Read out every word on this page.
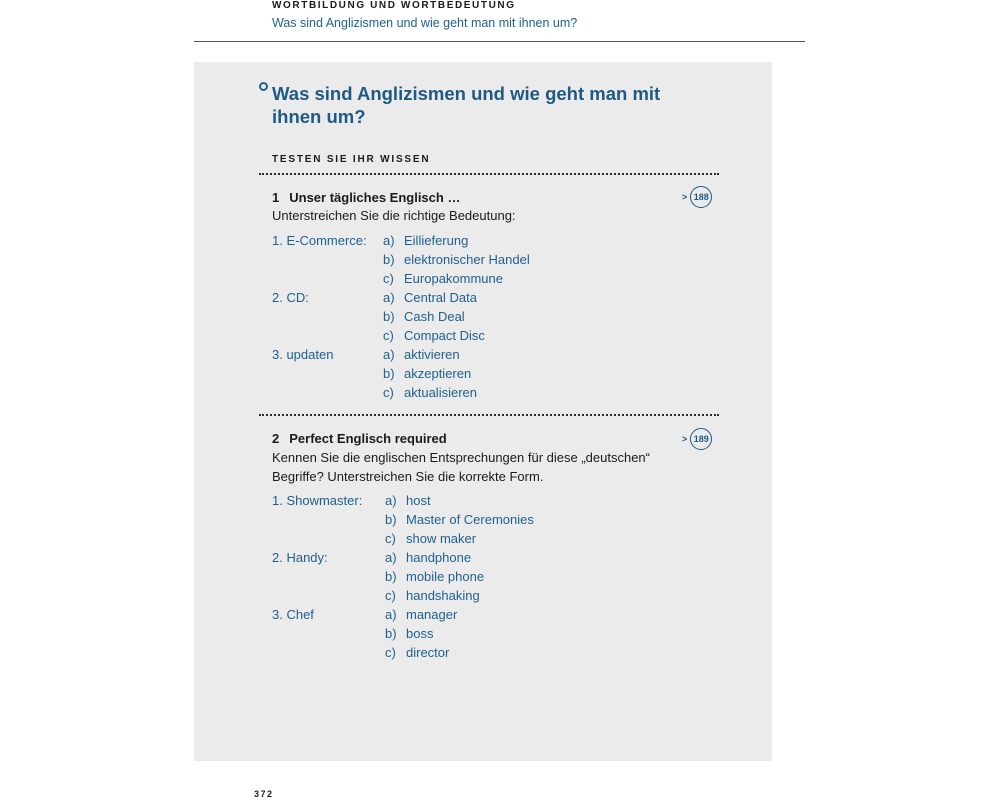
WORTBILDUNG UND WORTBEDEUTUNG
Was sind Anglizismen und wie geht man mit ihnen um?
Was sind Anglizismen und wie geht man mit ihnen um?
TESTEN SIE IHR WISSEN
1 Unser tägliches Englisch …	> 188
Unterstreichen Sie die richtige Bedeutung:
1. E-Commerce: a) Eillieferung
b) elektronischer Handel
c) Europakommune
2. CD:	a) Central Data
b) Cash Deal
c) Compact Disc
3. updaten	a) aktivieren
b) akzeptieren
c) aktualisieren
2 Perfect Englisch required	> 189
Kennen Sie die englischen Entsprechungen für diese „deutschen“ Begriffe? Unterstreichen Sie die korrekte Form.
1. Showmaster: a) host
b) Master of Ceremonies
c) show maker
2. Handy:	a) handphone
b) mobile phone
c) handshaking
3. Chef	a) manager
b) boss
c) director
372
